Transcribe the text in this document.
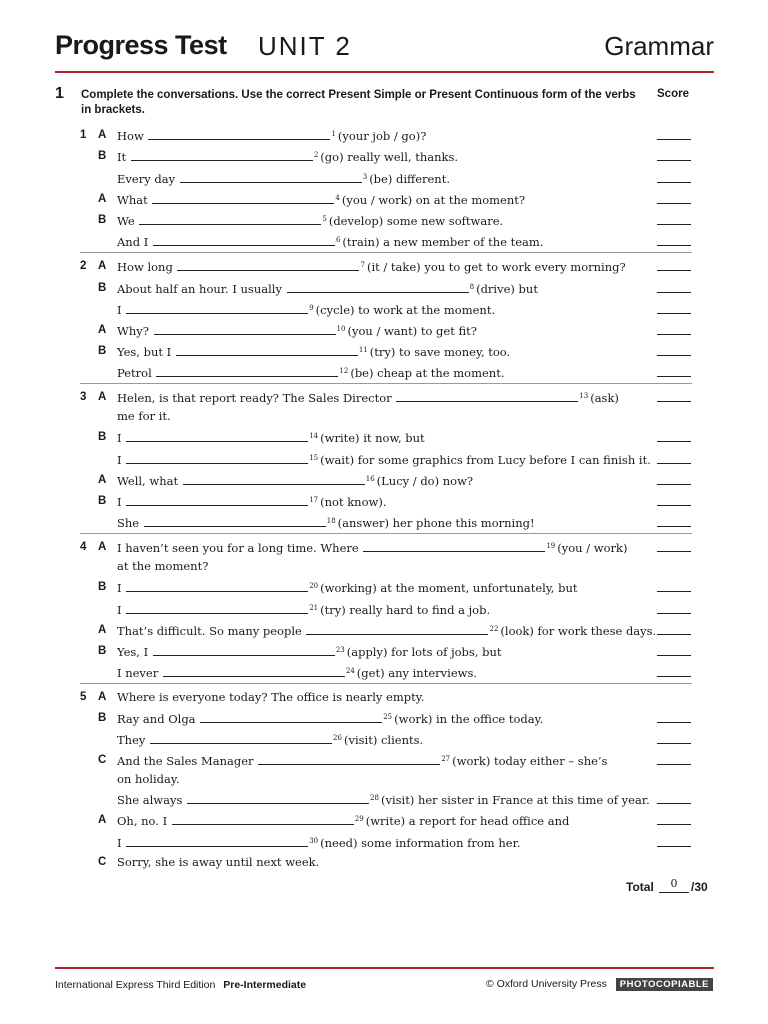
Progress Test UNIT 2	Grammar
1 Complete the conversations. Use the correct Present Simple or Present Continuous form of the verbs in brackets.
Score
1 A How	$^1$ (your job / go)?
B It	$^2$ (go) really well, thanks.
Every day	$^3$ (be) different.
A What	$^4$ (you / work) on at the moment?
B We	$^5$ (develop) some new software.
And I	$^6$ (train) a new member of the team.
2 A How long	$^7$ (it / take) you to get to work every morning?
B About half an hour. I usually	$^8$ (drive) but
I	$^9$ (cycle) to work at the moment.
A Why?	$^{10}$ (you / want) to get fit?
B Yes, but I	$^{11}$ (try) to save money, too.
Petrol	$^{12}$ (be) cheap at the moment.
3 A Helen, is that report ready? The Sales Director	$^{13}$ (ask)
me for it.
B I	$^{14}$ (write) it now, but
I	$^{15}$ (wait) for some graphics from Lucy before I can finish it.
A Well, what	$^{16}$ (Lucy / do) now?
B I	$^{17}$ (not know).
She	$^{18}$ (answer) her phone this morning!
4 A I haven’t seen you for a long time. Where	$^{19}$ (you / work)
at the moment?
B I	$^{20}$ (working) at the moment, unfortunately, but
I	$^{21}$ (try) really hard to find a job.
A That’s difficult. So many people	$^{22}$ (look) for work these days.
B Yes, I	$^{23}$ (apply) for lots of jobs, but
I never	$^{24}$ (get) any interviews.
5 A Where is everyone today? The office is nearly empty.
B Ray and Olga	$^{25}$ (work) in the office today.
They	$^{26}$ (visit) clients.
C And the Sales Manager	$^{27}$ (work) today either – she’s
on holiday.
She always	$^{28}$ (visit) her sister in France at this time of year.
A Oh, no. I	$^{29}$ (write) a report for head office and
I	$^{30}$ (need) some information from her.
C Sorry, she is away until next week.
Total	0	/30
International Express Third Edition Pre-Intermediate	© Oxford University Press PHOTOCOPIABLE
